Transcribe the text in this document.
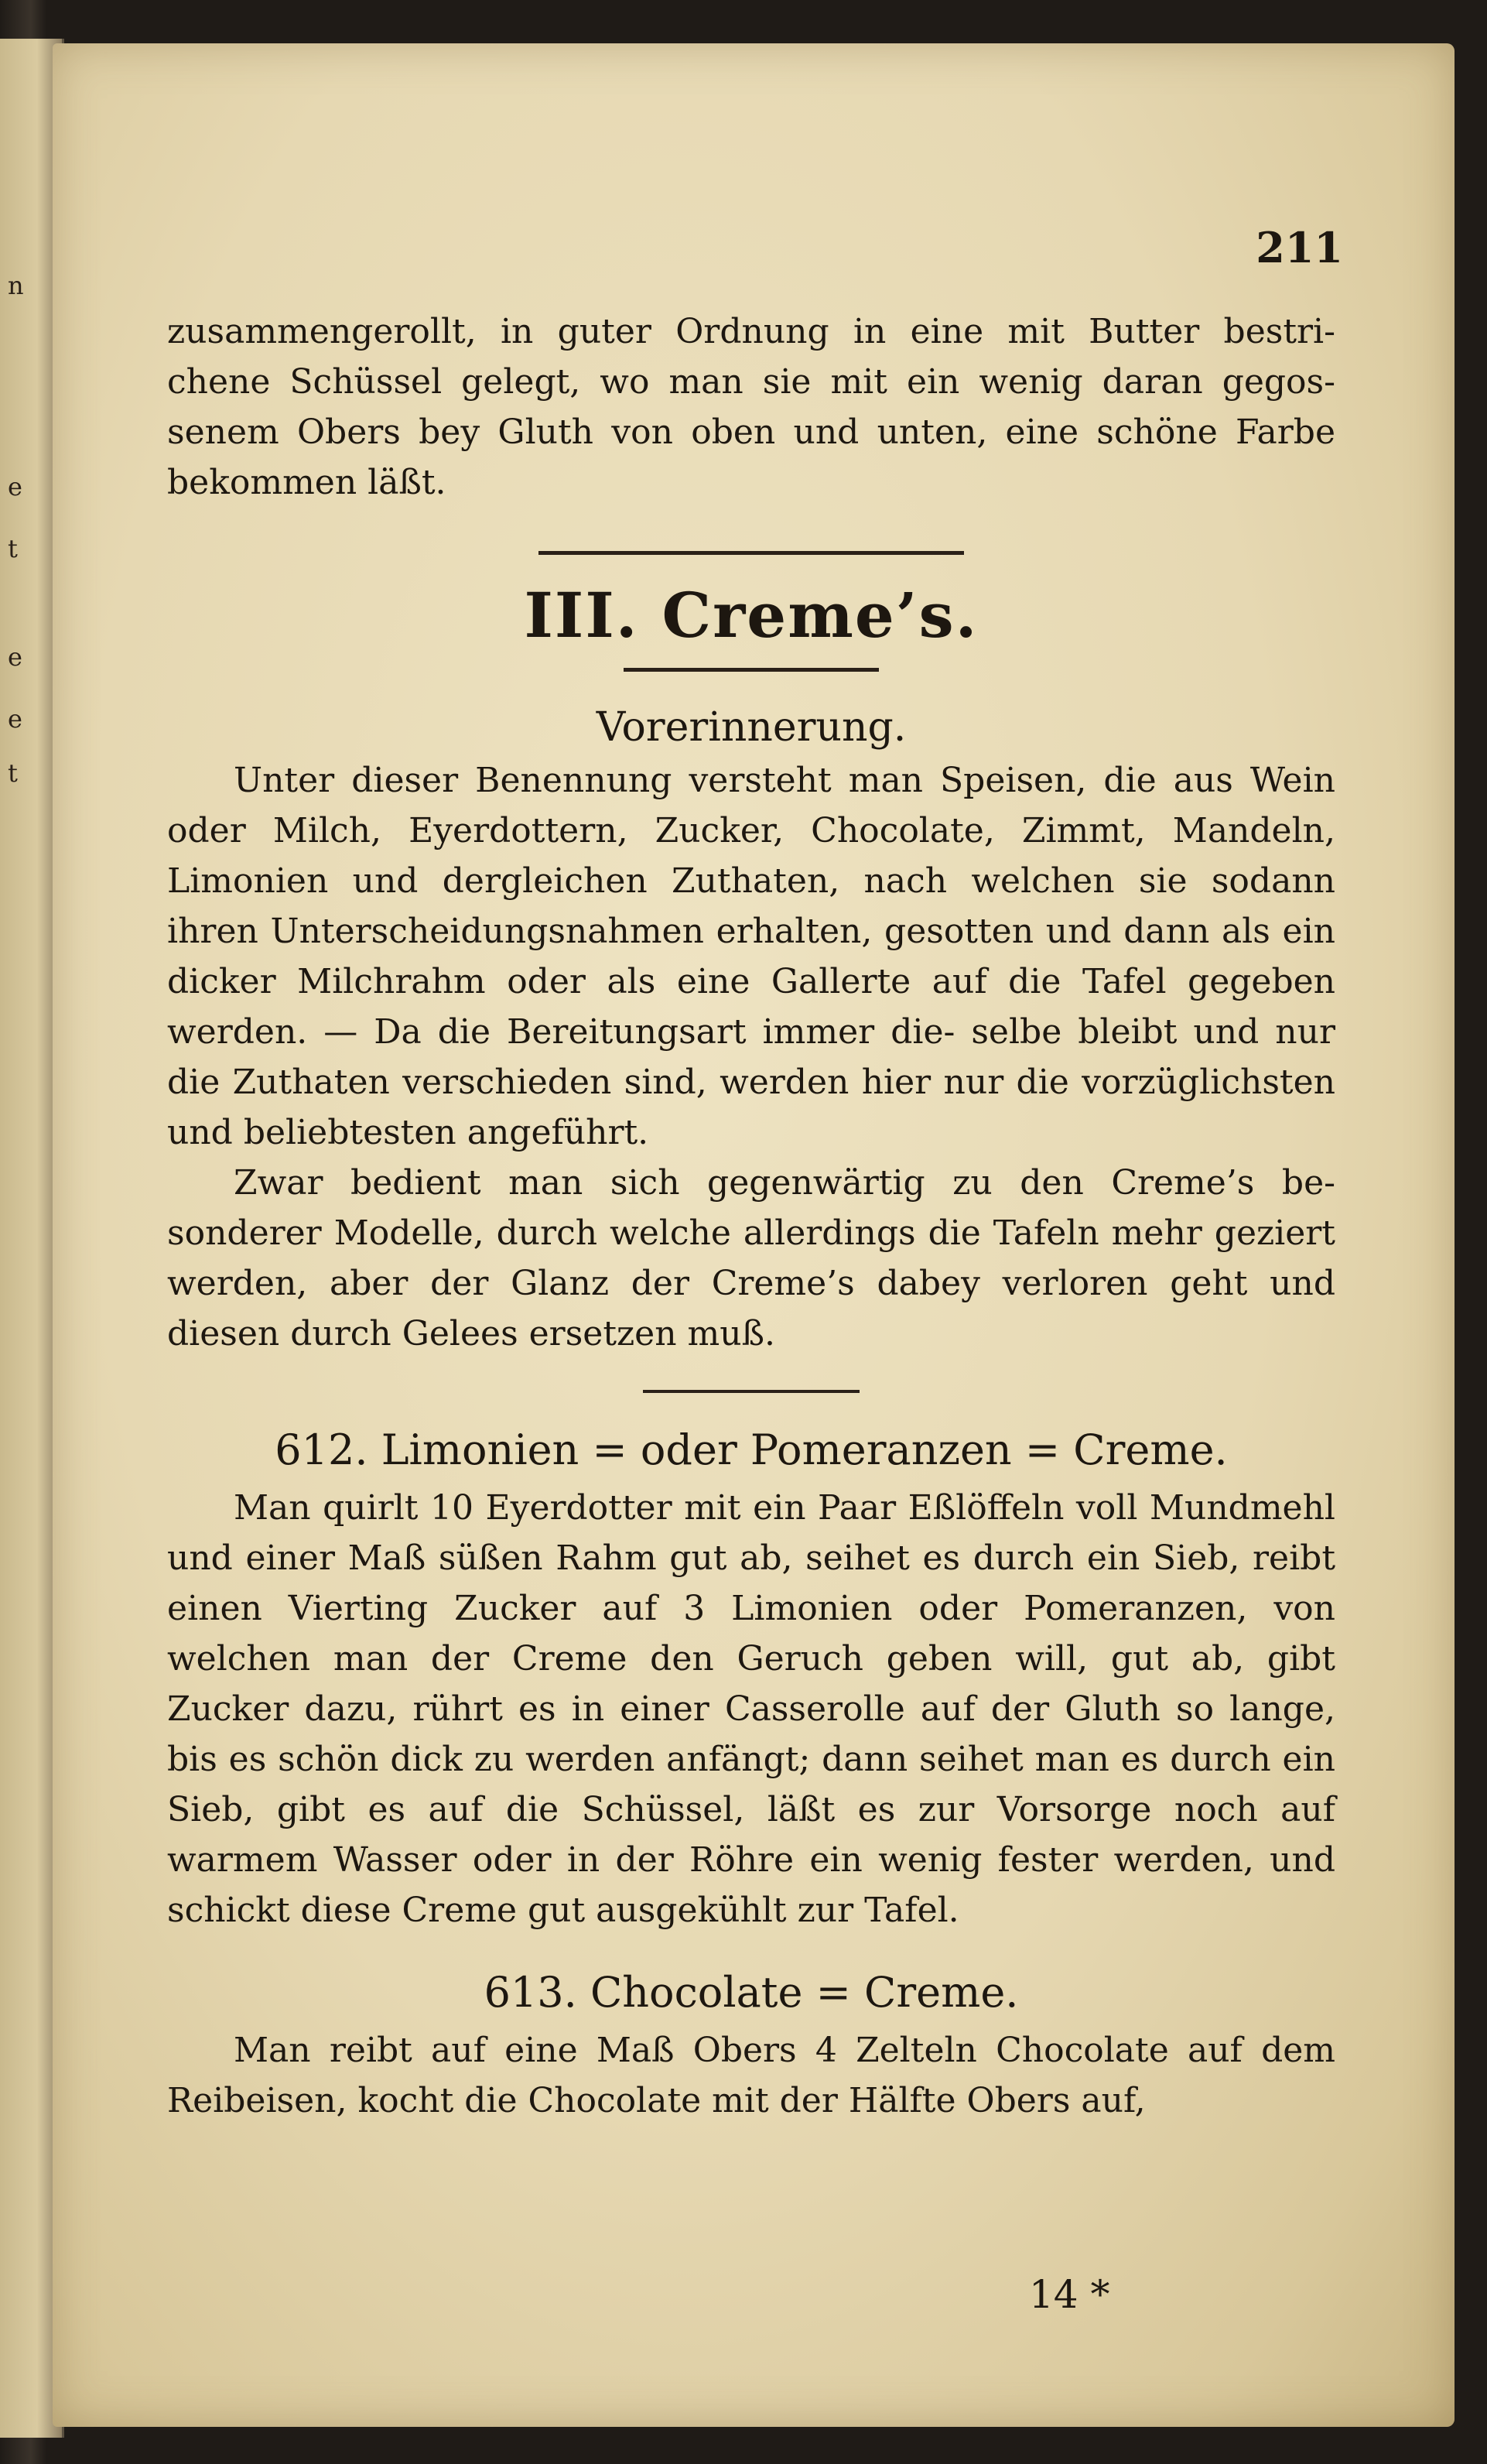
n
e
t
e
e
t
211

zusammengerollt, in guter Ordnung in eine mit Butter bestri- chene Schüssel gelegt, wo man sie mit ein wenig daran gegos- senem Obers bey Gluth von oben und unten, eine schöne Farbe bekommen läßt.

III. Creme’s.
Vorerinnerung.

Unter dieser Benennung versteht man Speisen, die aus Wein oder Milch, Eyerdottern, Zucker, Chocolate, Zimmt, Mandeln, Limonien und dergleichen Zuthaten, nach welchen sie sodann ihren Unterscheidungsnahmen erhalten, gesotten und dann als ein dicker Milchrahm oder als eine Gallerte auf die Tafel gegeben werden. — Da die Bereitungsart immer die- selbe bleibt und nur die Zuthaten verschieden sind, werden hier nur die vorzüglichsten und beliebtesten angeführt.

Zwar bedient man sich gegenwärtig zu den Creme’s be- sonderer Modelle, durch welche allerdings die Tafeln mehr geziert werden, aber der Glanz der Creme’s dabey verloren geht und diesen durch Gelees ersetzen muß.

612. Limonien = oder Pomeranzen = Creme.

Man quirlt 10 Eyerdotter mit ein Paar Eßlöffeln voll Mundmehl und einer Maß süßen Rahm gut ab, seihet es durch ein Sieb, reibt einen Vierting Zucker auf 3 Limonien oder Pomeranzen, von welchen man der Creme den Geruch geben will, gut ab, gibt Zucker dazu, rührt es in einer Casserolle auf der Gluth so lange, bis es schön dick zu werden anfängt; dann seihet man es durch ein Sieb, gibt es auf die Schüssel, läßt es zur Vorsorge noch auf warmem Wasser oder in der Röhre ein wenig fester werden, und schickt diese Creme gut ausgekühlt zur Tafel.

613. Chocolate = Creme.

Man reibt auf eine Maß Obers 4 Zelteln Chocolate auf dem Reibeisen, kocht die Chocolate mit der Hälfte Obers auf,

14 *
